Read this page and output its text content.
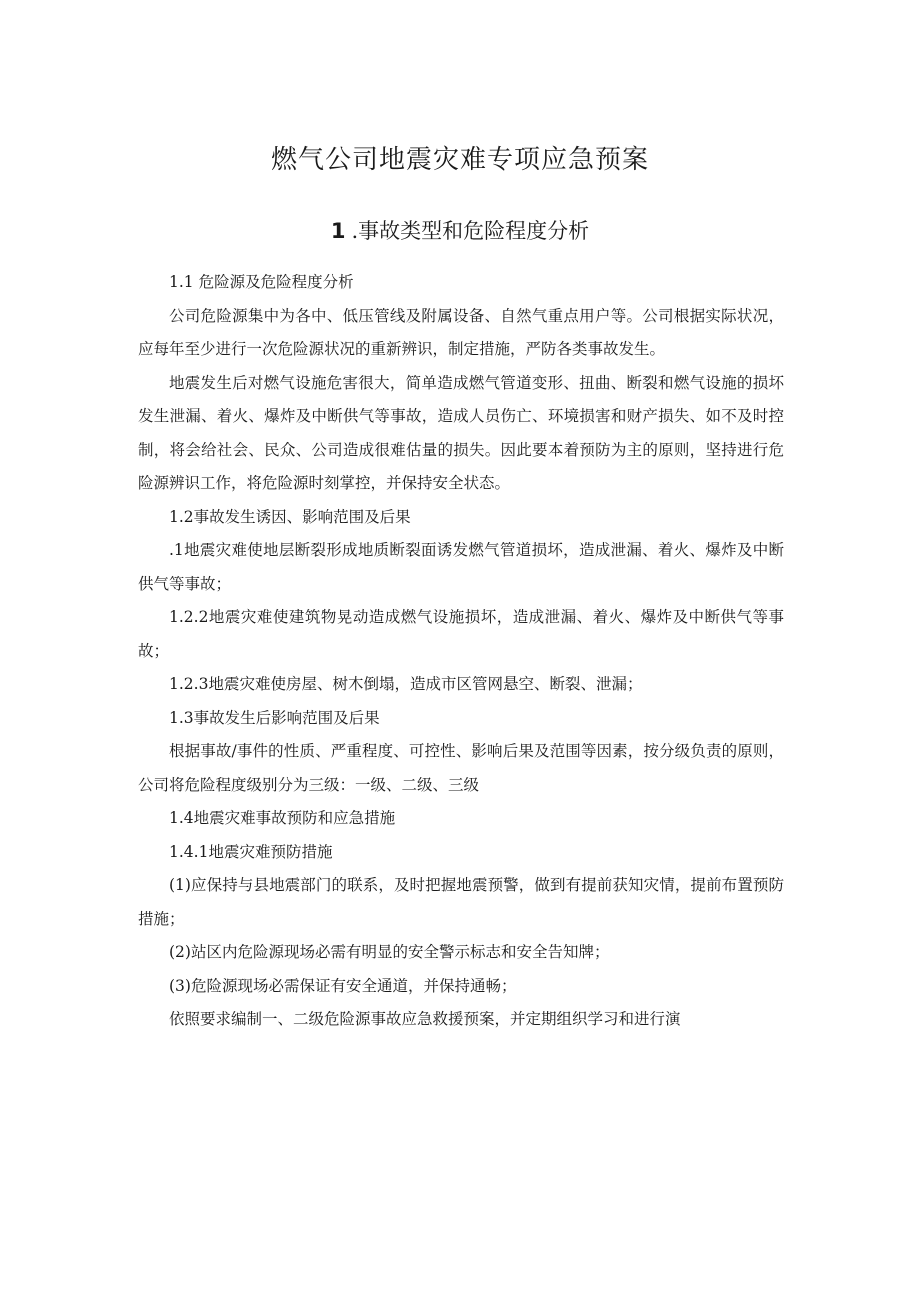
燃气公司地震灾难专项应急预案
1 .事故类型和危险程度分析

1.1 危险源及危险程度分析

公司危险源集中为各中、低压管线及附属设备、自然气重点用户等。公司根据实际状况，应每年至少进行一次危险源状况的重新辨识，制定措施，严防各类事故发生。

地震发生后对燃气设施危害很大，简单造成燃气管道变形、扭曲、断裂和燃气设施的损坏发生泄漏、着火、爆炸及中断供气等事故，造成人员伤亡、环境损害和财产损失、如不及时控制，将会给社会、民众、公司造成很难估量的损失。因此要本着预防为主的原则，坚持进行危险源辨识工作，将危险源时刻掌控，并保持安全状态。

1.2事故发生诱因、影响范围及后果

.1地震灾难使地层断裂形成地质断裂面诱发燃气管道损坏，造成泄漏、着火、爆炸及中断供气等事故；

1.2.2地震灾难使建筑物晃动造成燃气设施损坏，造成泄漏、着火、爆炸及中断供气等事故；

1.2.3地震灾难使房屋、树木倒塌，造成市区管网悬空、断裂、泄漏；

1.3事故发生后影响范围及后果

根据事故/事件的性质、严重程度、可控性、影响后果及范围等因素，按分级负责的原则，公司将危险程度级别分为三级：一级、二级、三级

1.4地震灾难事故预防和应急措施

1.4.1地震灾难预防措施

(1)应保持与县地震部门的联系，及时把握地震预警，做到有提前获知灾情，提前布置预防措施；

(2)站区内危险源现场必需有明显的安全警示标志和安全告知牌；

(3)危险源现场必需保证有安全通道，并保持通畅；

依照要求编制一、二级危险源事故应急救援预案，并定期组织学习和进行演
